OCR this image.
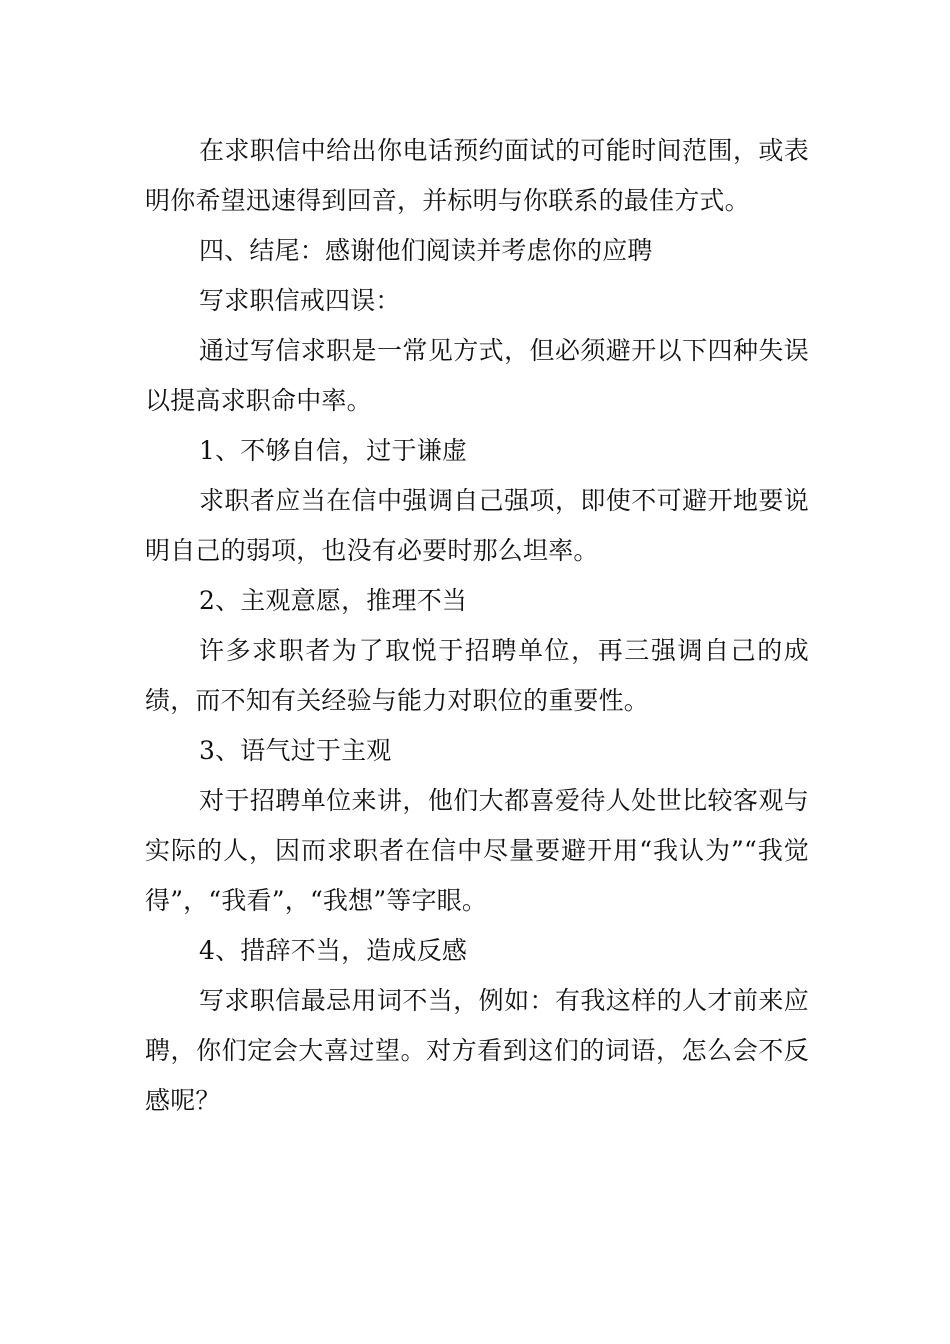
在求职信中给出你电话预约面试的可能时间范围，或表明你希望迅速得到回音，并标明与你联系的最佳方式。

四、结尾：感谢他们阅读并考虑你的应聘

写求职信戒四误：

通过写信求职是一常见方式，但必须避开以下四种失误以提高求职命中率。

1、不够自信，过于谦虚

求职者应当在信中强调自己强项，即使不可避开地要说明自己的弱项，也没有必要时那么坦率。

2、主观意愿，推理不当

许多求职者为了取悦于招聘单位，再三强调自己的成绩，而不知有关经验与能力对职位的重要性。

3、语气过于主观

对于招聘单位来讲，他们大都喜爱待人处世比较客观与实际的人，因而求职者在信中尽量要避开用“我认为”“我觉得”，“我看”，“我想”等字眼。

4、措辞不当，造成反感

写求职信最忌用词不当，例如：有我这样的人才前来应聘，你们定会大喜过望。对方看到这们的词语，怎么会不反感呢？
